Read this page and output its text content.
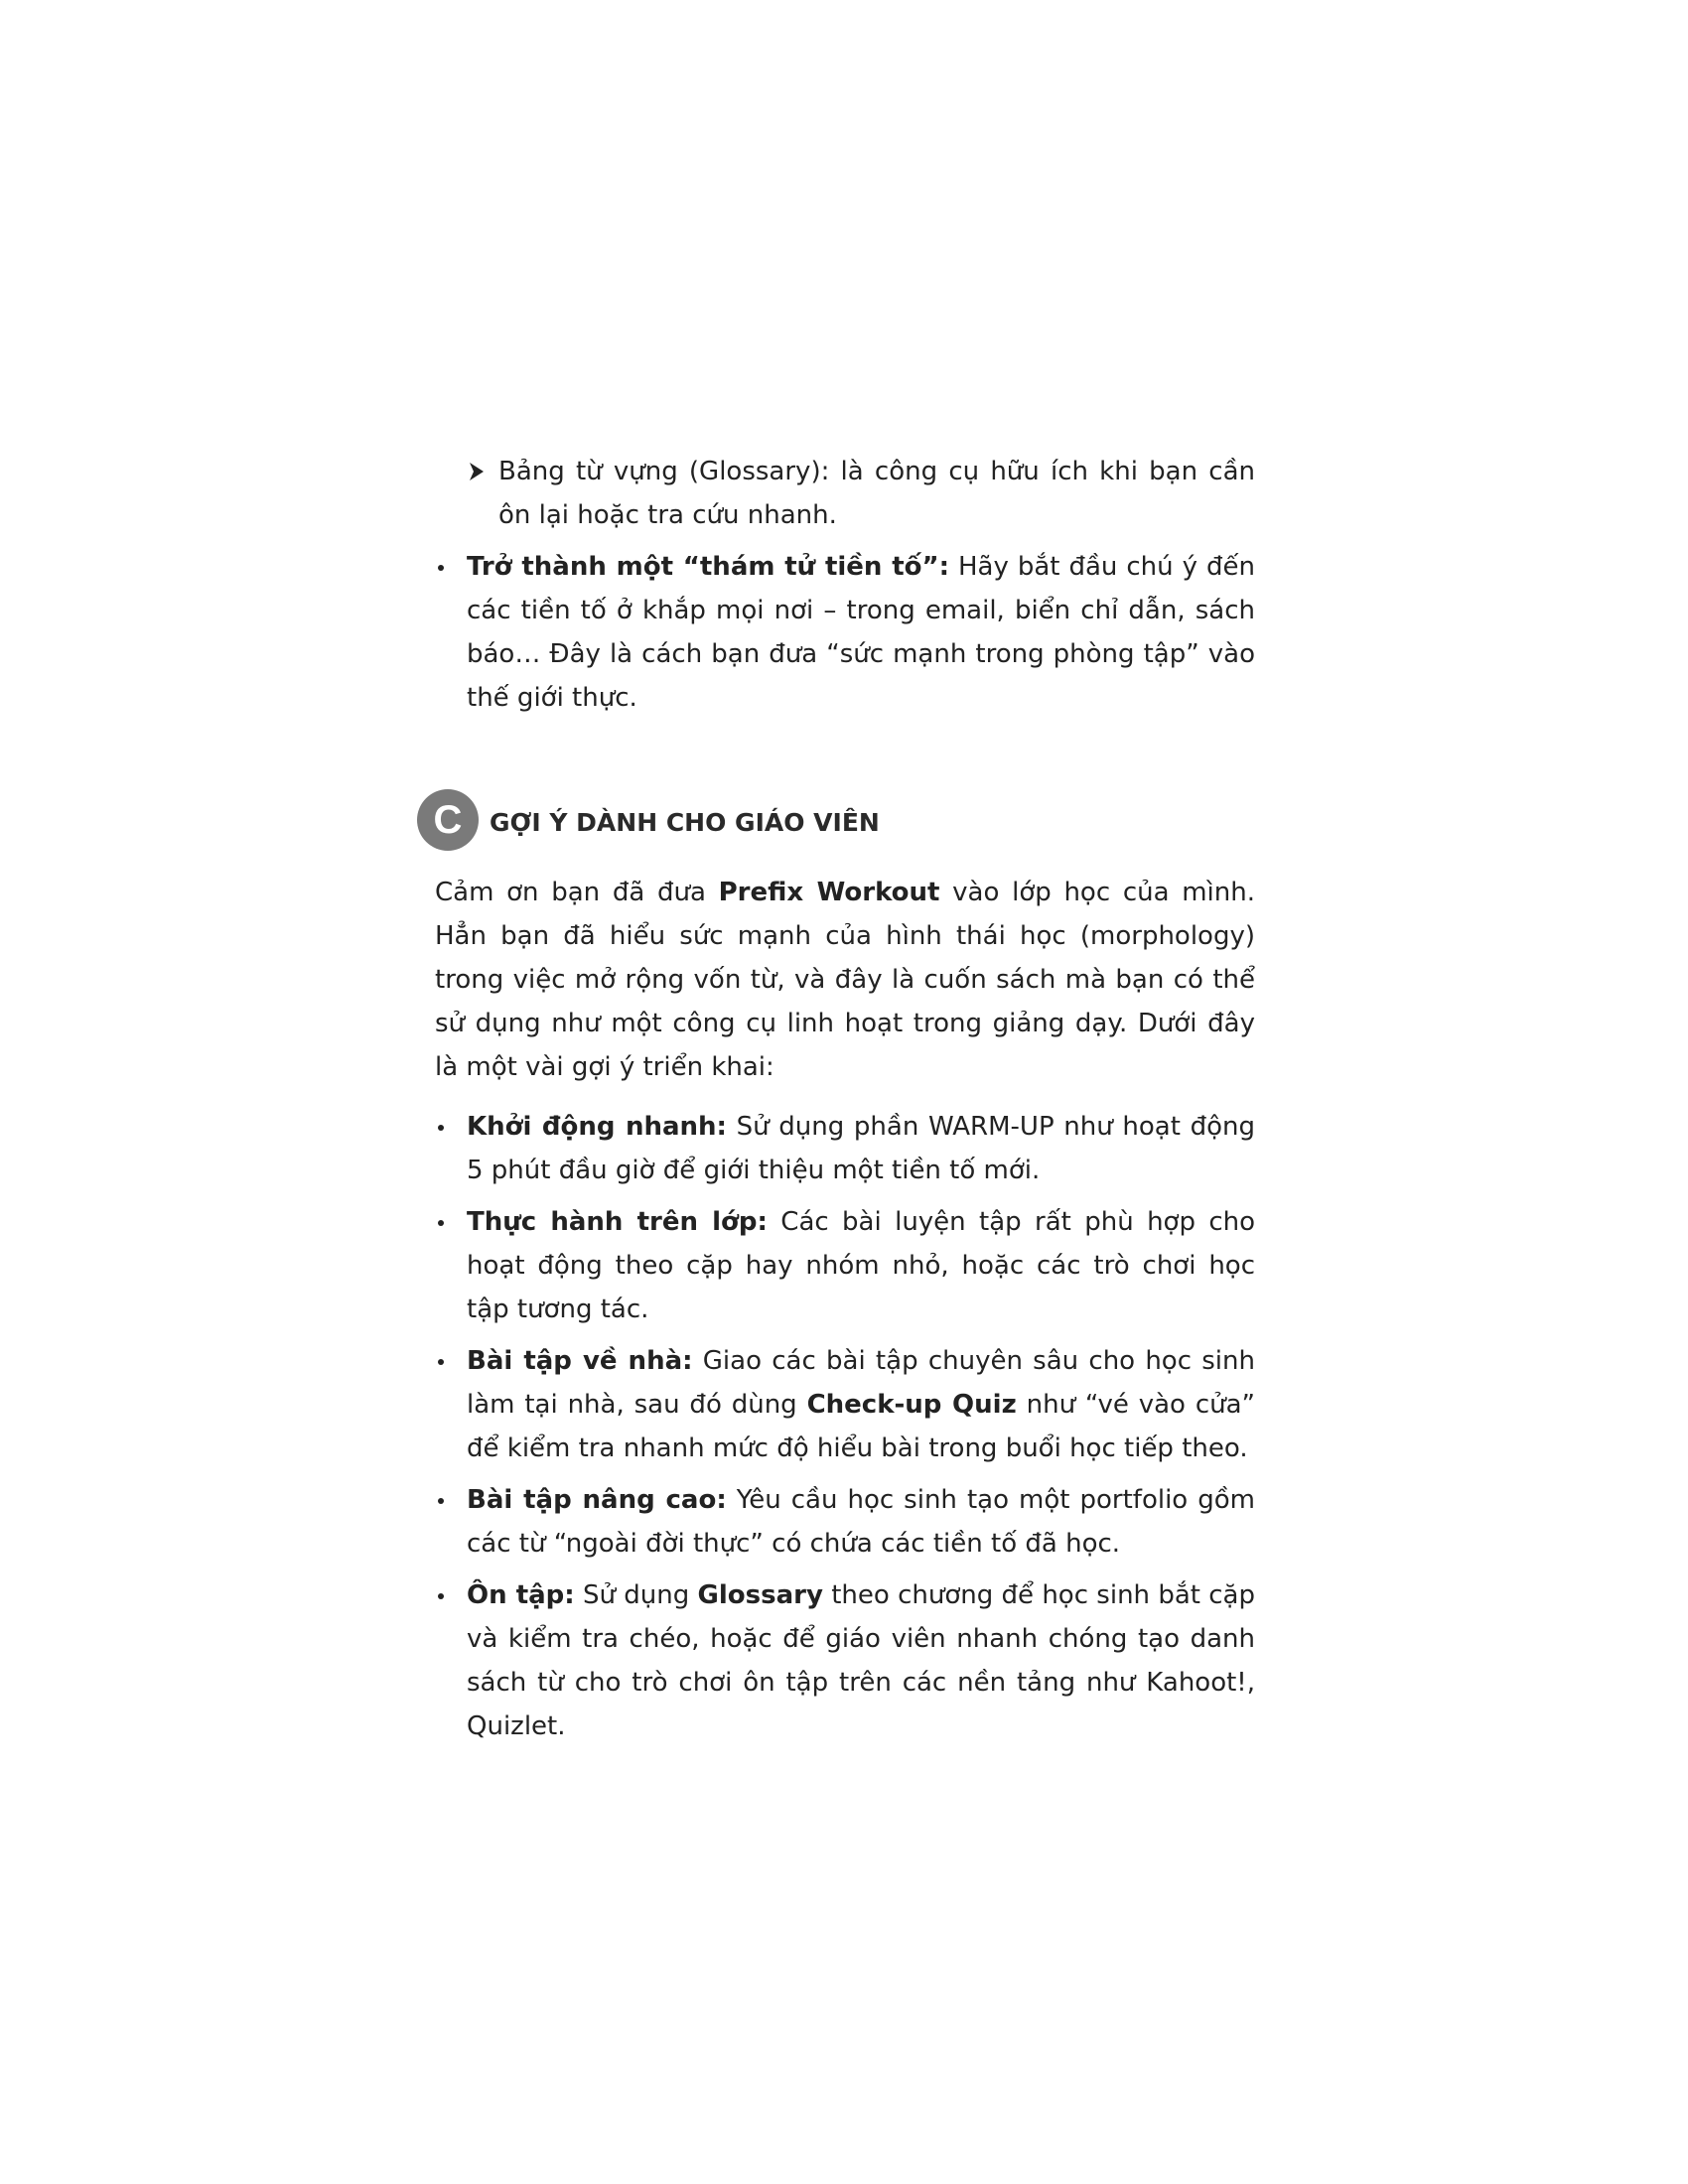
Bảng từ vựng (Glossary): là công cụ hữu ích khi bạn cần ôn lại hoặc tra cứu nhanh.

Trở thành một “thám tử tiền tố”: Hãy bắt đầu chú ý đến các tiền tố ở khắp mọi nơi – trong email, biển chỉ dẫn, sách báo… Đây là cách bạn đưa “sức mạnh trong phòng tập” vào thế giới thực.

C	GỢI Ý DÀNH CHO GIÁO VIÊN

Cảm ơn bạn đã đưa Prefix Workout vào lớp học của mình. Hẳn bạn đã hiểu sức mạnh của hình thái học (morphology) trong việc mở rộng vốn từ, và đây là cuốn sách mà bạn có thể sử dụng như một công cụ linh hoạt trong giảng dạy. Dưới đây là một vài gợi ý triển khai:

Khởi động nhanh: Sử dụng phần WARM-UP như hoạt động 5 phút đầu giờ để giới thiệu một tiền tố mới.

Thực hành trên lớp: Các bài luyện tập rất phù hợp cho hoạt động theo cặp hay nhóm nhỏ, hoặc các trò chơi học tập tương tác.

Bài tập về nhà: Giao các bài tập chuyên sâu cho học sinh làm tại nhà, sau đó dùng Check-up Quiz như “vé vào cửa” để kiểm tra nhanh mức độ hiểu bài trong buổi học tiếp theo.

Bài tập nâng cao: Yêu cầu học sinh tạo một portfolio gồm các từ “ngoài đời thực” có chứa các tiền tố đã học.

Ôn tập: Sử dụng Glossary theo chương để học sinh bắt cặp và kiểm tra chéo, hoặc để giáo viên nhanh chóng tạo danh sách từ cho trò chơi ôn tập trên các nền tảng như Kahoot!, Quizlet.
